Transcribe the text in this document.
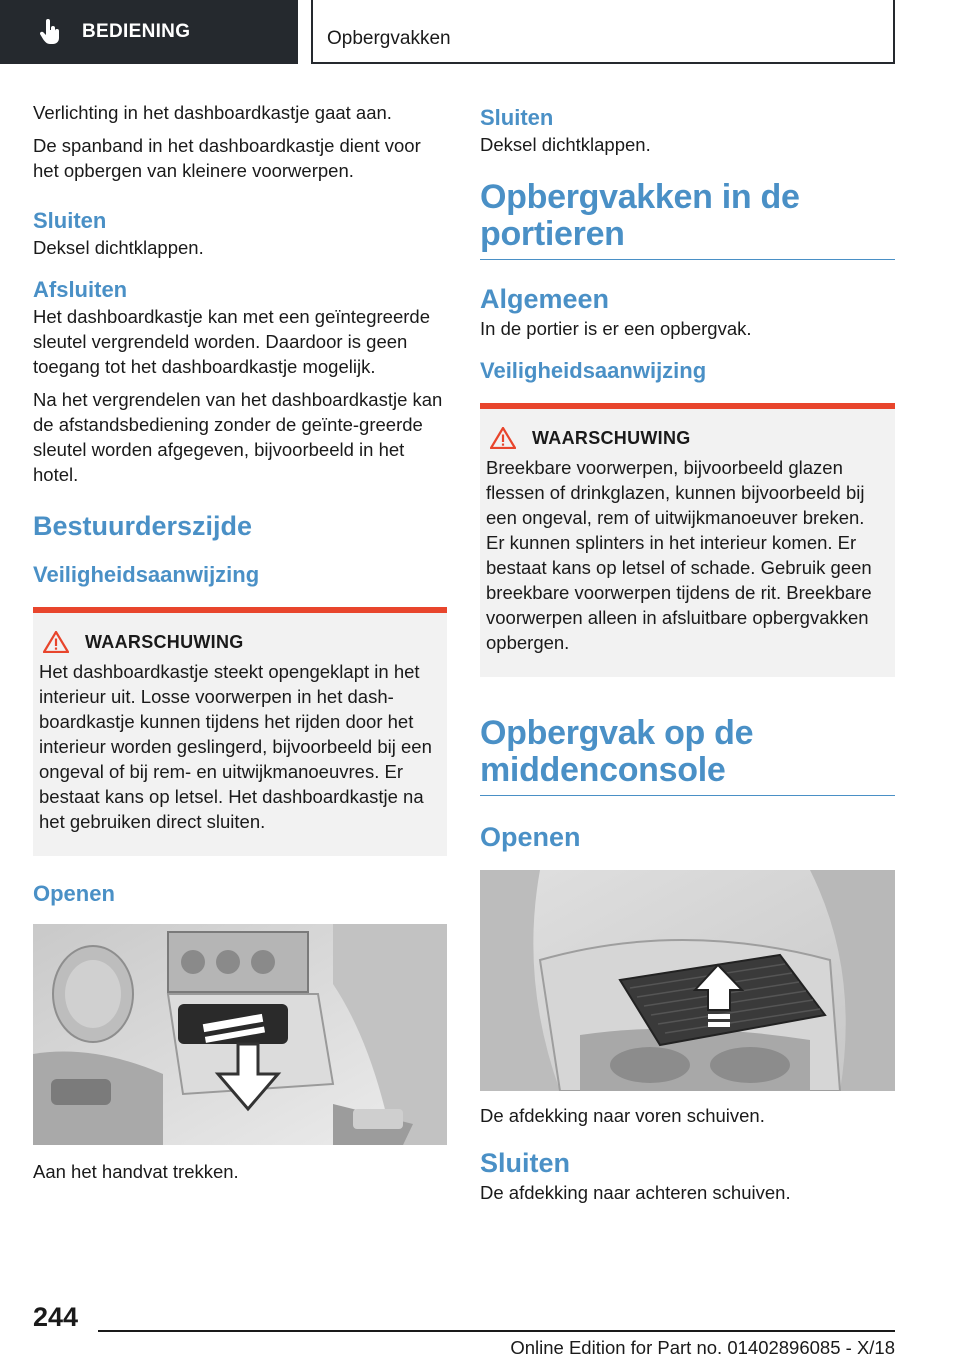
BEDIENING	Opbergvakken

Verlichting in het dashboardkastje gaat aan.

De spanband in het dashboardkastje dient voor het opbergen van kleinere voorwerpen.

Sluiten

Deksel dichtklappen.

Afsluiten

Het dashboardkastje kan met een geïntegreerde sleutel vergrendeld worden. Daardoor is geen toegang tot het dashboardkastje mogelijk.

Na het vergrendelen van het dashboardkastje kan de afstandsbediening zonder de geïnte-greerde sleutel worden afgegeven, bijvoorbeeld in het hotel.

Bestuurderszijde
Veiligheidsaanwijzing
WAARSCHUWING

Het dashboardkastje steekt opengeklapt in het interieur uit. Losse voorwerpen in het dash-boardkastje kunnen tijdens het rijden door het interieur worden geslingerd, bijvoorbeeld bij een ongeval of bij rem- en uitwijkmanoeuvres. Er bestaat kans op letsel. Het dashboardkastje na het gebruiken direct sluiten.

Openen

Aan het handvat trekken.

Sluiten

Deksel dichtklappen.

Opbergvakken in de portieren
Algemeen

In de portier is er een opbergvak.

Veiligheidsaanwijzing
WAARSCHUWING

Breekbare voorwerpen, bijvoorbeeld glazen flessen of drinkglazen, kunnen bijvoorbeeld bij een ongeval, rem of uitwijkmanoeuver breken. Er kunnen splinters in het interieur komen. Er bestaat kans op letsel of schade. Gebruik geen breekbare voorwerpen tijdens de rit. Breekbare voorwerpen alleen in afsluitbare opbergvakken opbergen.

Opbergvak op de middenconsole
Openen

De afdekking naar voren schuiven.

Sluiten

De afdekking naar achteren schuiven.

244
Online Edition for Part no. 01402896085 - X/18
